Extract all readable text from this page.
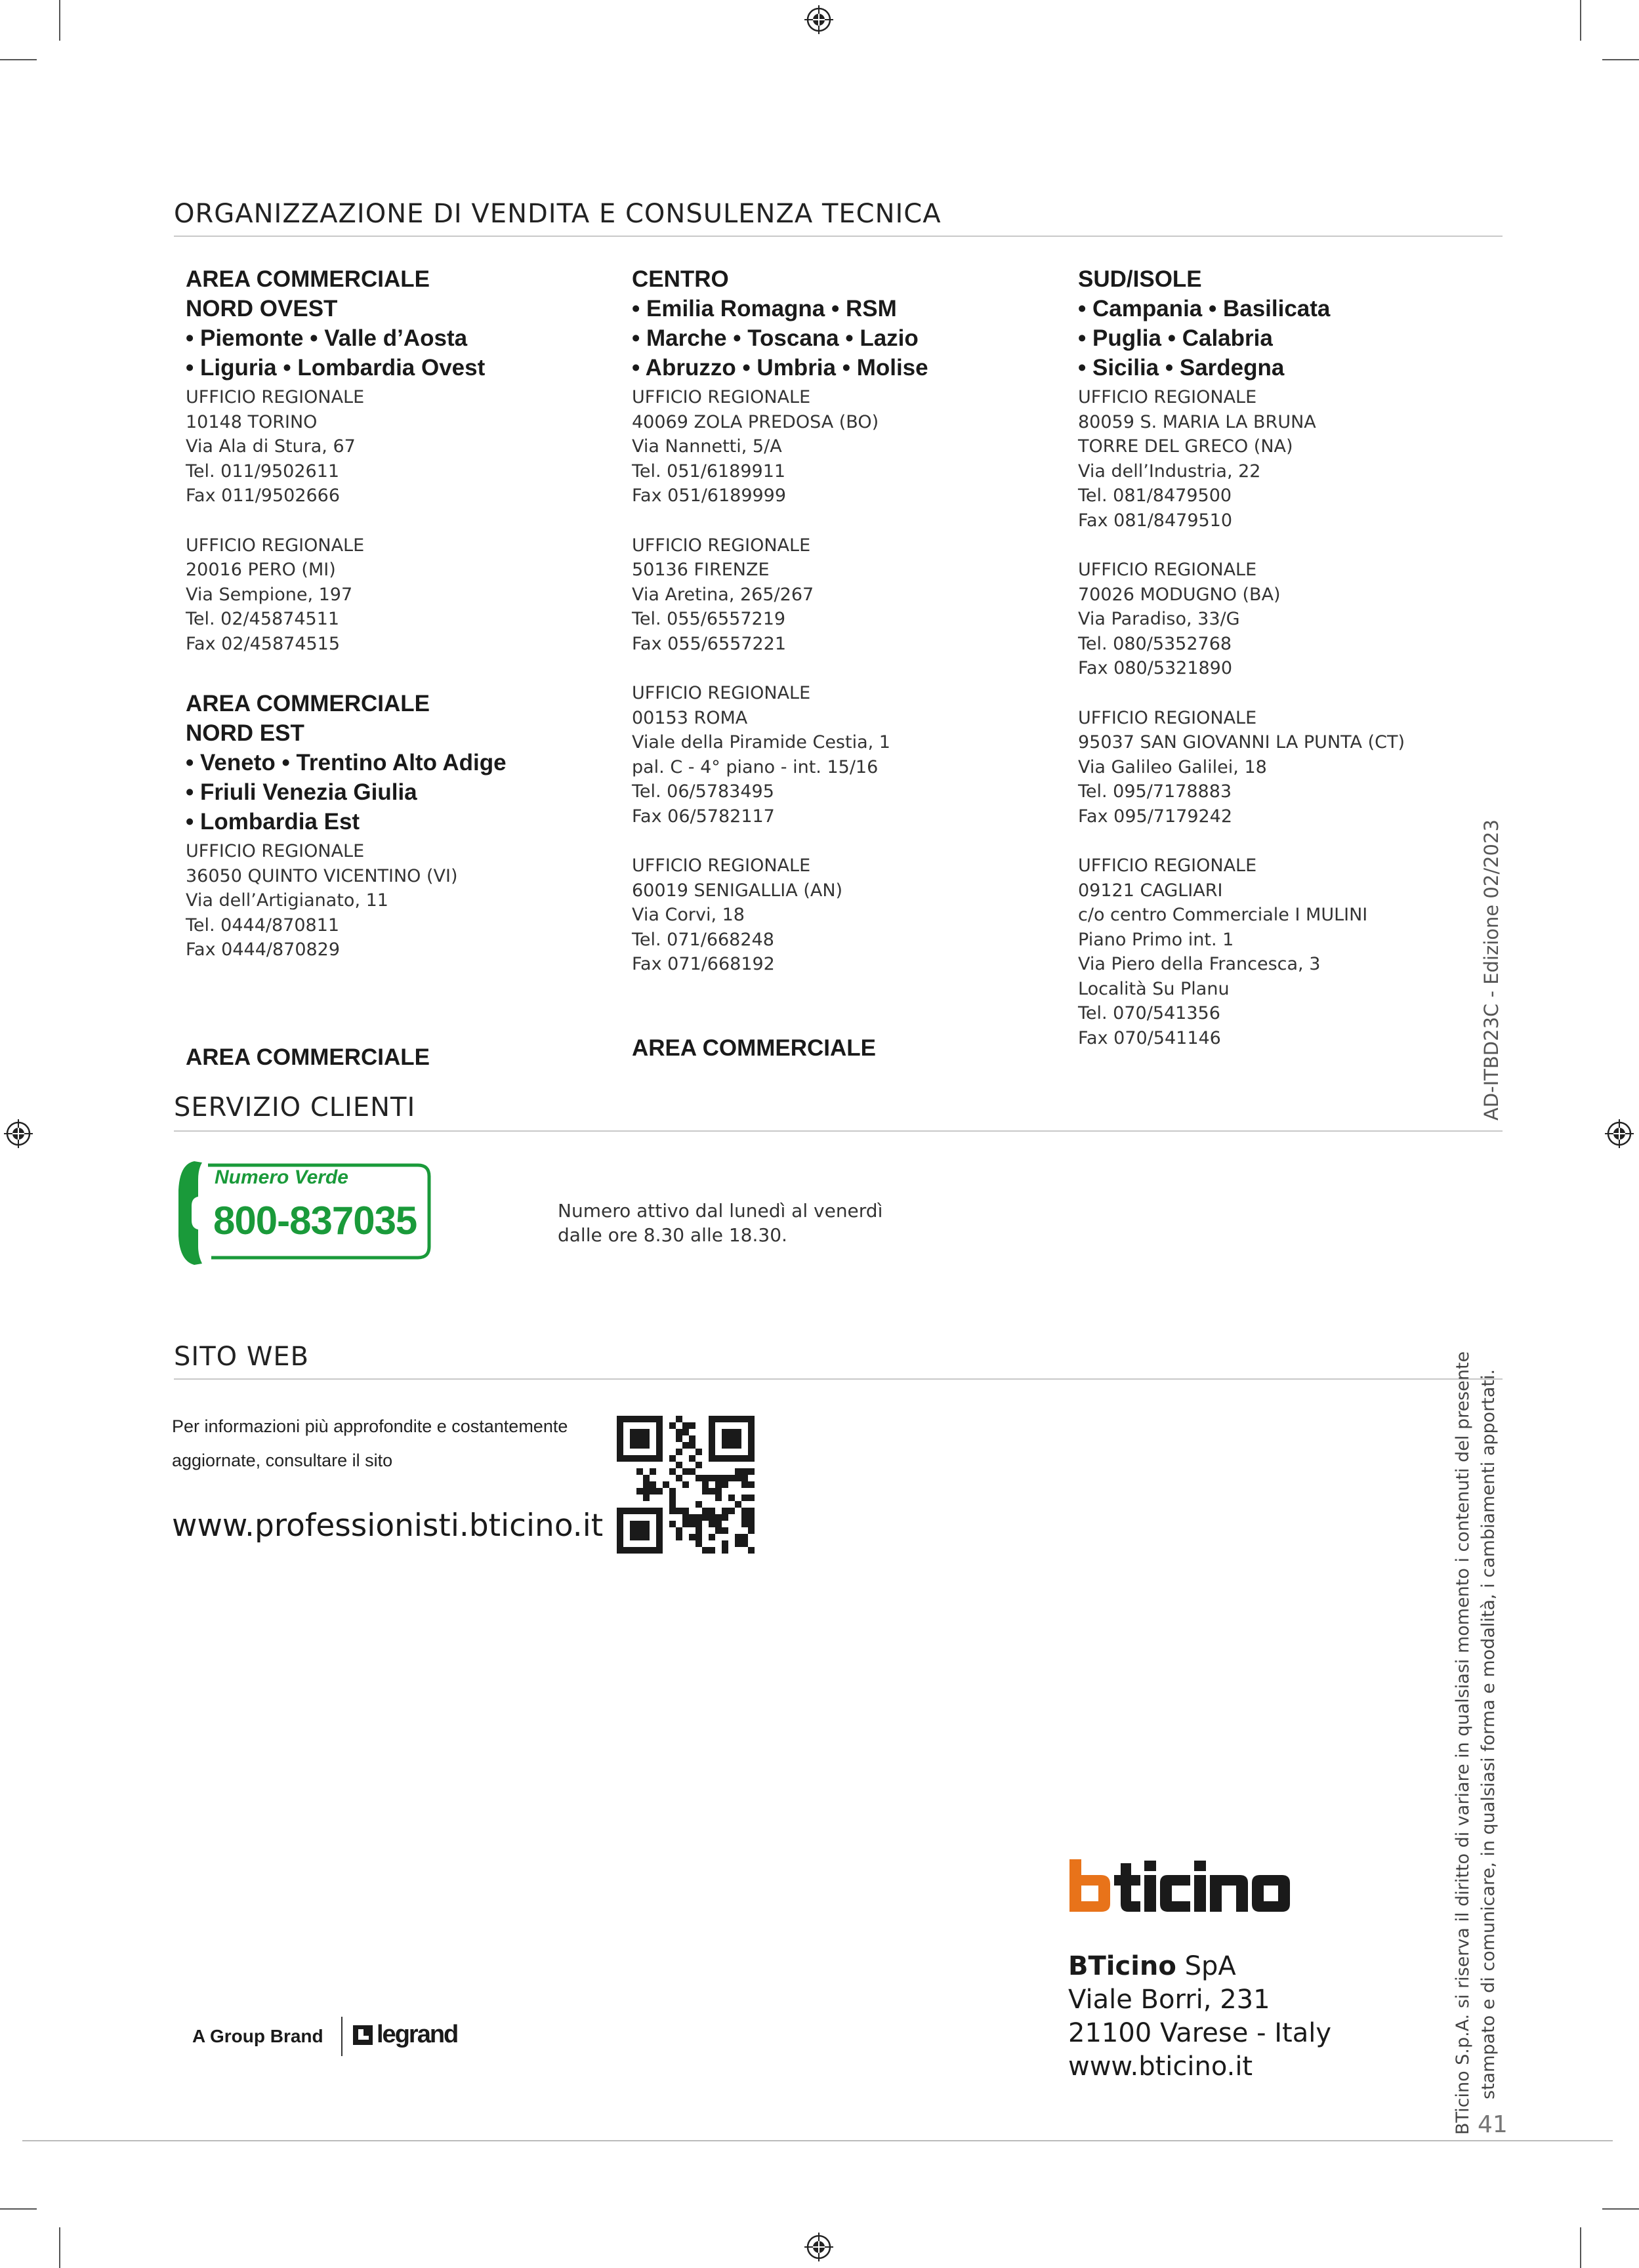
ORGANIZZAZIONE DI VENDITA E CONSULENZA TECNICA
AREA COMMERCIALE
NORD OVEST
• Piemonte • Valle d’Aosta
• Liguria • Lombardia Ovest
UFFICIO REGIONALE
10148 TORINO
Via Ala di Stura, 67
Tel. 011/9502611
Fax 011/9502666
UFFICIO REGIONALE
20016 PERO (MI)
Via Sempione, 197
Tel. 02/45874511
Fax 02/45874515
AREA COMMERCIALE
NORD EST
• Veneto • Trentino Alto Adige
• Friuli Venezia Giulia
• Lombardia Est
UFFICIO REGIONALE
36050 QUINTO VICENTINO (VI)
Via dell’Artigianato, 11
Tel. 0444/870811
Fax 0444/870829
AREA COMMERCIALE
CENTRO
• Emilia Romagna • RSM
• Marche • Toscana • Lazio
• Abruzzo • Umbria • Molise
UFFICIO REGIONALE
40069 ZOLA PREDOSA (BO)
Via Nannetti, 5/A
Tel. 051/6189911
Fax 051/6189999
UFFICIO REGIONALE
50136 FIRENZE
Via Aretina, 265/267
Tel. 055/6557219
Fax 055/6557221
UFFICIO REGIONALE
00153 ROMA
Viale della Piramide Cestia, 1
pal. C - 4° piano - int. 15/16
Tel. 06/5783495
Fax 06/5782117
UFFICIO REGIONALE
60019 SENIGALLIA (AN)
Via Corvi, 18
Tel. 071/668248
Fax 071/668192
AREA COMMERCIALE
SUD/ISOLE
• Campania • Basilicata
• Puglia • Calabria
• Sicilia • Sardegna
UFFICIO REGIONALE
80059 S. MARIA LA BRUNA
TORRE DEL GRECO (NA)
Via dell’Industria, 22
Tel. 081/8479500
Fax 081/8479510
UFFICIO REGIONALE
70026 MODUGNO (BA)
Via Paradiso, 33/G
Tel. 080/5352768
Fax 080/5321890
UFFICIO REGIONALE
95037 SAN GIOVANNI LA PUNTA (CT)
Via Galileo Galilei, 18
Tel. 095/7178883
Fax 095/7179242
UFFICIO REGIONALE
09121 CAGLIARI
c/o centro Commerciale I MULINI
Piano Primo int. 1
Via Piero della Francesca, 3
Località Su Planu
Tel. 070/541356
Fax 070/541146	AD-ITBD23C - Edizione 02/2023
SERVIZIO CLIENTI
Numero Verde
800-837035	Numero attivo dal lunedì al venerdì
dalle ore 8.30 alle 18.30.
SITO WEB
Per informazioni più approfondite e costantemente
aggiornate, consultare il sito
www.professionisti.bticino.it	BTicino S.p.A. si riserva il diritto di variare in qualsiasi momento i contenuti del presente stampato e di comunicare, in qualsiasi forma e modalità, i cambiamenti apportati.
BTicino SpA
Viale Borri, 231
21100 Varese - Italy
www.bticino.it
A Group Brand legrand
41
